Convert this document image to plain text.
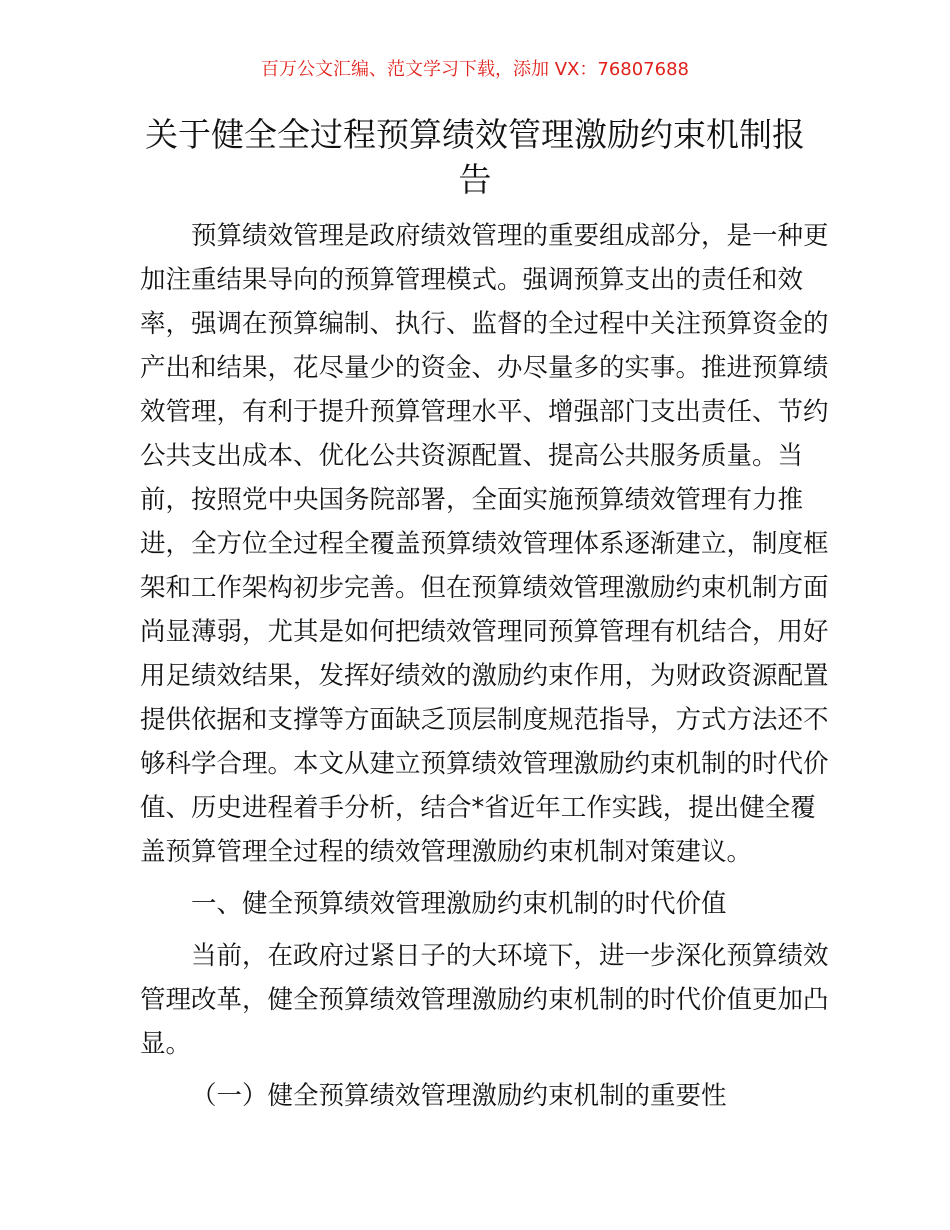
百万公文汇编、范文学习下载，添加 VX：76807688
关于健全全过程预算绩效管理激励约束机制报
告
预算绩效管理是政府绩效管理的重要组成部分，是一种更
加注重结果导向的预算管理模式。强调预算支出的责任和效
率，强调在预算编制、执行、监督的全过程中关注预算资金的
产出和结果，花尽量少的资金、办尽量多的实事。推进预算绩
效管理，有利于提升预算管理水平、增强部门支出责任、节约
公共支出成本、优化公共资源配置、提高公共服务质量。当
前，按照党中央国务院部署，全面实施预算绩效管理有力推
进，全方位全过程全覆盖预算绩效管理体系逐渐建立，制度框
架和工作架构初步完善。但在预算绩效管理激励约束机制方面
尚显薄弱，尤其是如何把绩效管理同预算管理有机结合，用好
用足绩效结果，发挥好绩效的激励约束作用，为财政资源配置
提供依据和支撑等方面缺乏顶层制度规范指导，方式方法还不
够科学合理。本文从建立预算绩效管理激励约束机制的时代价
值、历史进程着手分析，结合*省近年工作实践，提出健全覆
盖预算管理全过程的绩效管理激励约束机制对策建议。
一、健全预算绩效管理激励约束机制的时代价值
当前，在政府过紧日子的大环境下，进一步深化预算绩效
管理改革，健全预算绩效管理激励约束机制的时代价值更加凸
显。
（一）健全预算绩效管理激励约束机制的重要性
